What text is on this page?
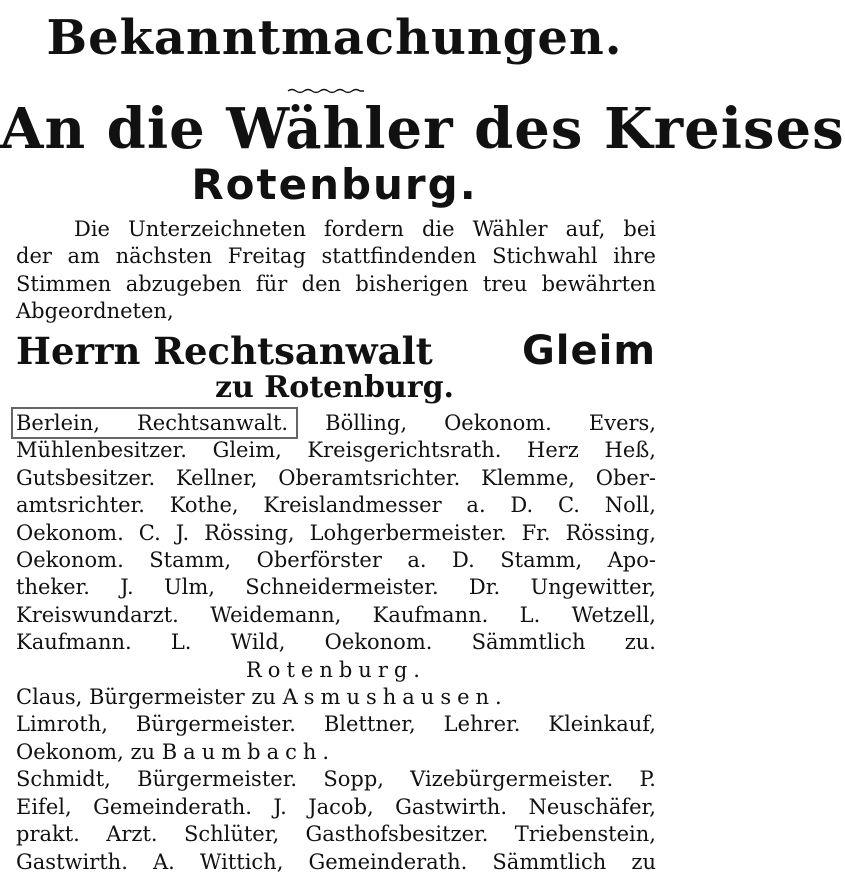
Bekanntmachungen.
An die Wähler des Kreises
Rotenburg.
Die Unterzeichneten fordern die Wähler auf, bei
der am nächsten Freitag stattfindenden Stichwahl ihre
Stimmen abzugeben für den bisherigen treu bewährten
Abgeordneten,
Herrn Rechtsanwalt Gleim
zu Rotenburg.
Berlein, Rechtsanwalt. Bölling, Oekonom. Evers,
Mühlenbesitzer. Gleim, Kreisgerichtsrath. Herz Heß,
Gutsbesitzer. Kellner, Oberamtsrichter. Klemme, Ober-
amtsrichter. Kothe, Kreislandmesser a. D. C. Noll,
Oekonom. C. J. Rössing, Lohgerbermeister. Fr. Rössing,
Oekonom. Stamm, Oberförster a. D. Stamm, Apo-
theker. J. Ulm, Schneidermeister. Dr. Ungewitter,
Kreiswundarzt. Weidemann, Kaufmann. L. Wetzell,
Kaufmann. L. Wild, Oekonom. Sämmtlich zu.
Rotenburg.
Claus,
Bürgermeister
zu
Asmushausen.
Limroth, Bürgermeister. Blettner, Lehrer. Kleinkauf,
Oekonom,
zu
Baumbach.
Schmidt, Bürgermeister. Sopp, Vizebürgermeister. P.
Eifel, Gemeinderath. J. Jacob, Gastwirth. Neuschäfer,
prakt. Arzt. Schlüter, Gasthofsbesitzer. Triebenstein,
Gastwirth. A. Wittich, Gemeinderath. Sämmtlich zu
